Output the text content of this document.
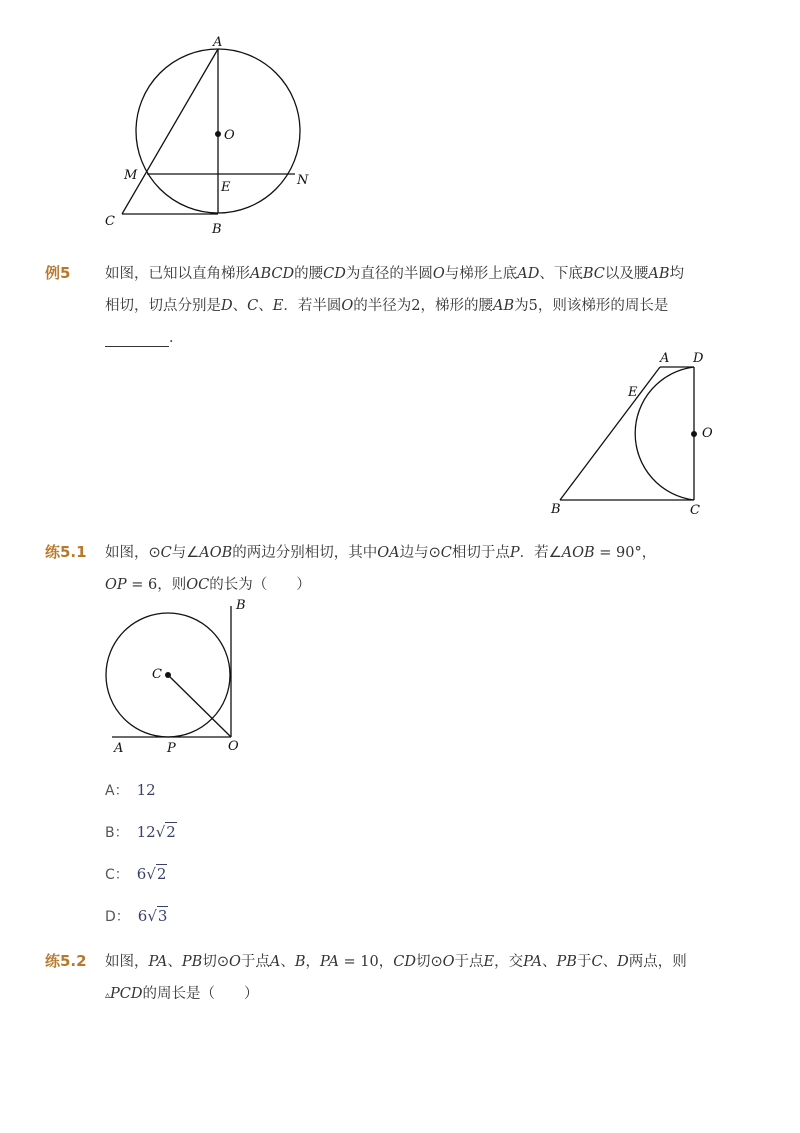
A
O
M	N
E
C
B
例5 如图，已知以直角梯形ABCD的腰CD为直径的半圆O与梯形上底AD、下底BC以及腰AB均
相切，切点分别是D、C、E．若半圆O的半径为2，梯形的腰AB为5，则该梯形的周长是
．
A D
E
O
B	C
练5.1 如图，⊙C与∠AOB的两边分别相切，其中OA边与⊙C相切于点P．若∠AOB = 90°，
OP = 6，则OC的长为（　　）
B
C
A	P	O
A： 12
B： 12√2
C： 6√2
D： 6√3
练5.2 如图，PA、PB切⊙O于点A、B，PA = 10，CD切⊙O于点E，交PA、PB于C、D两点，则
▵PCD的周长是（　　）
